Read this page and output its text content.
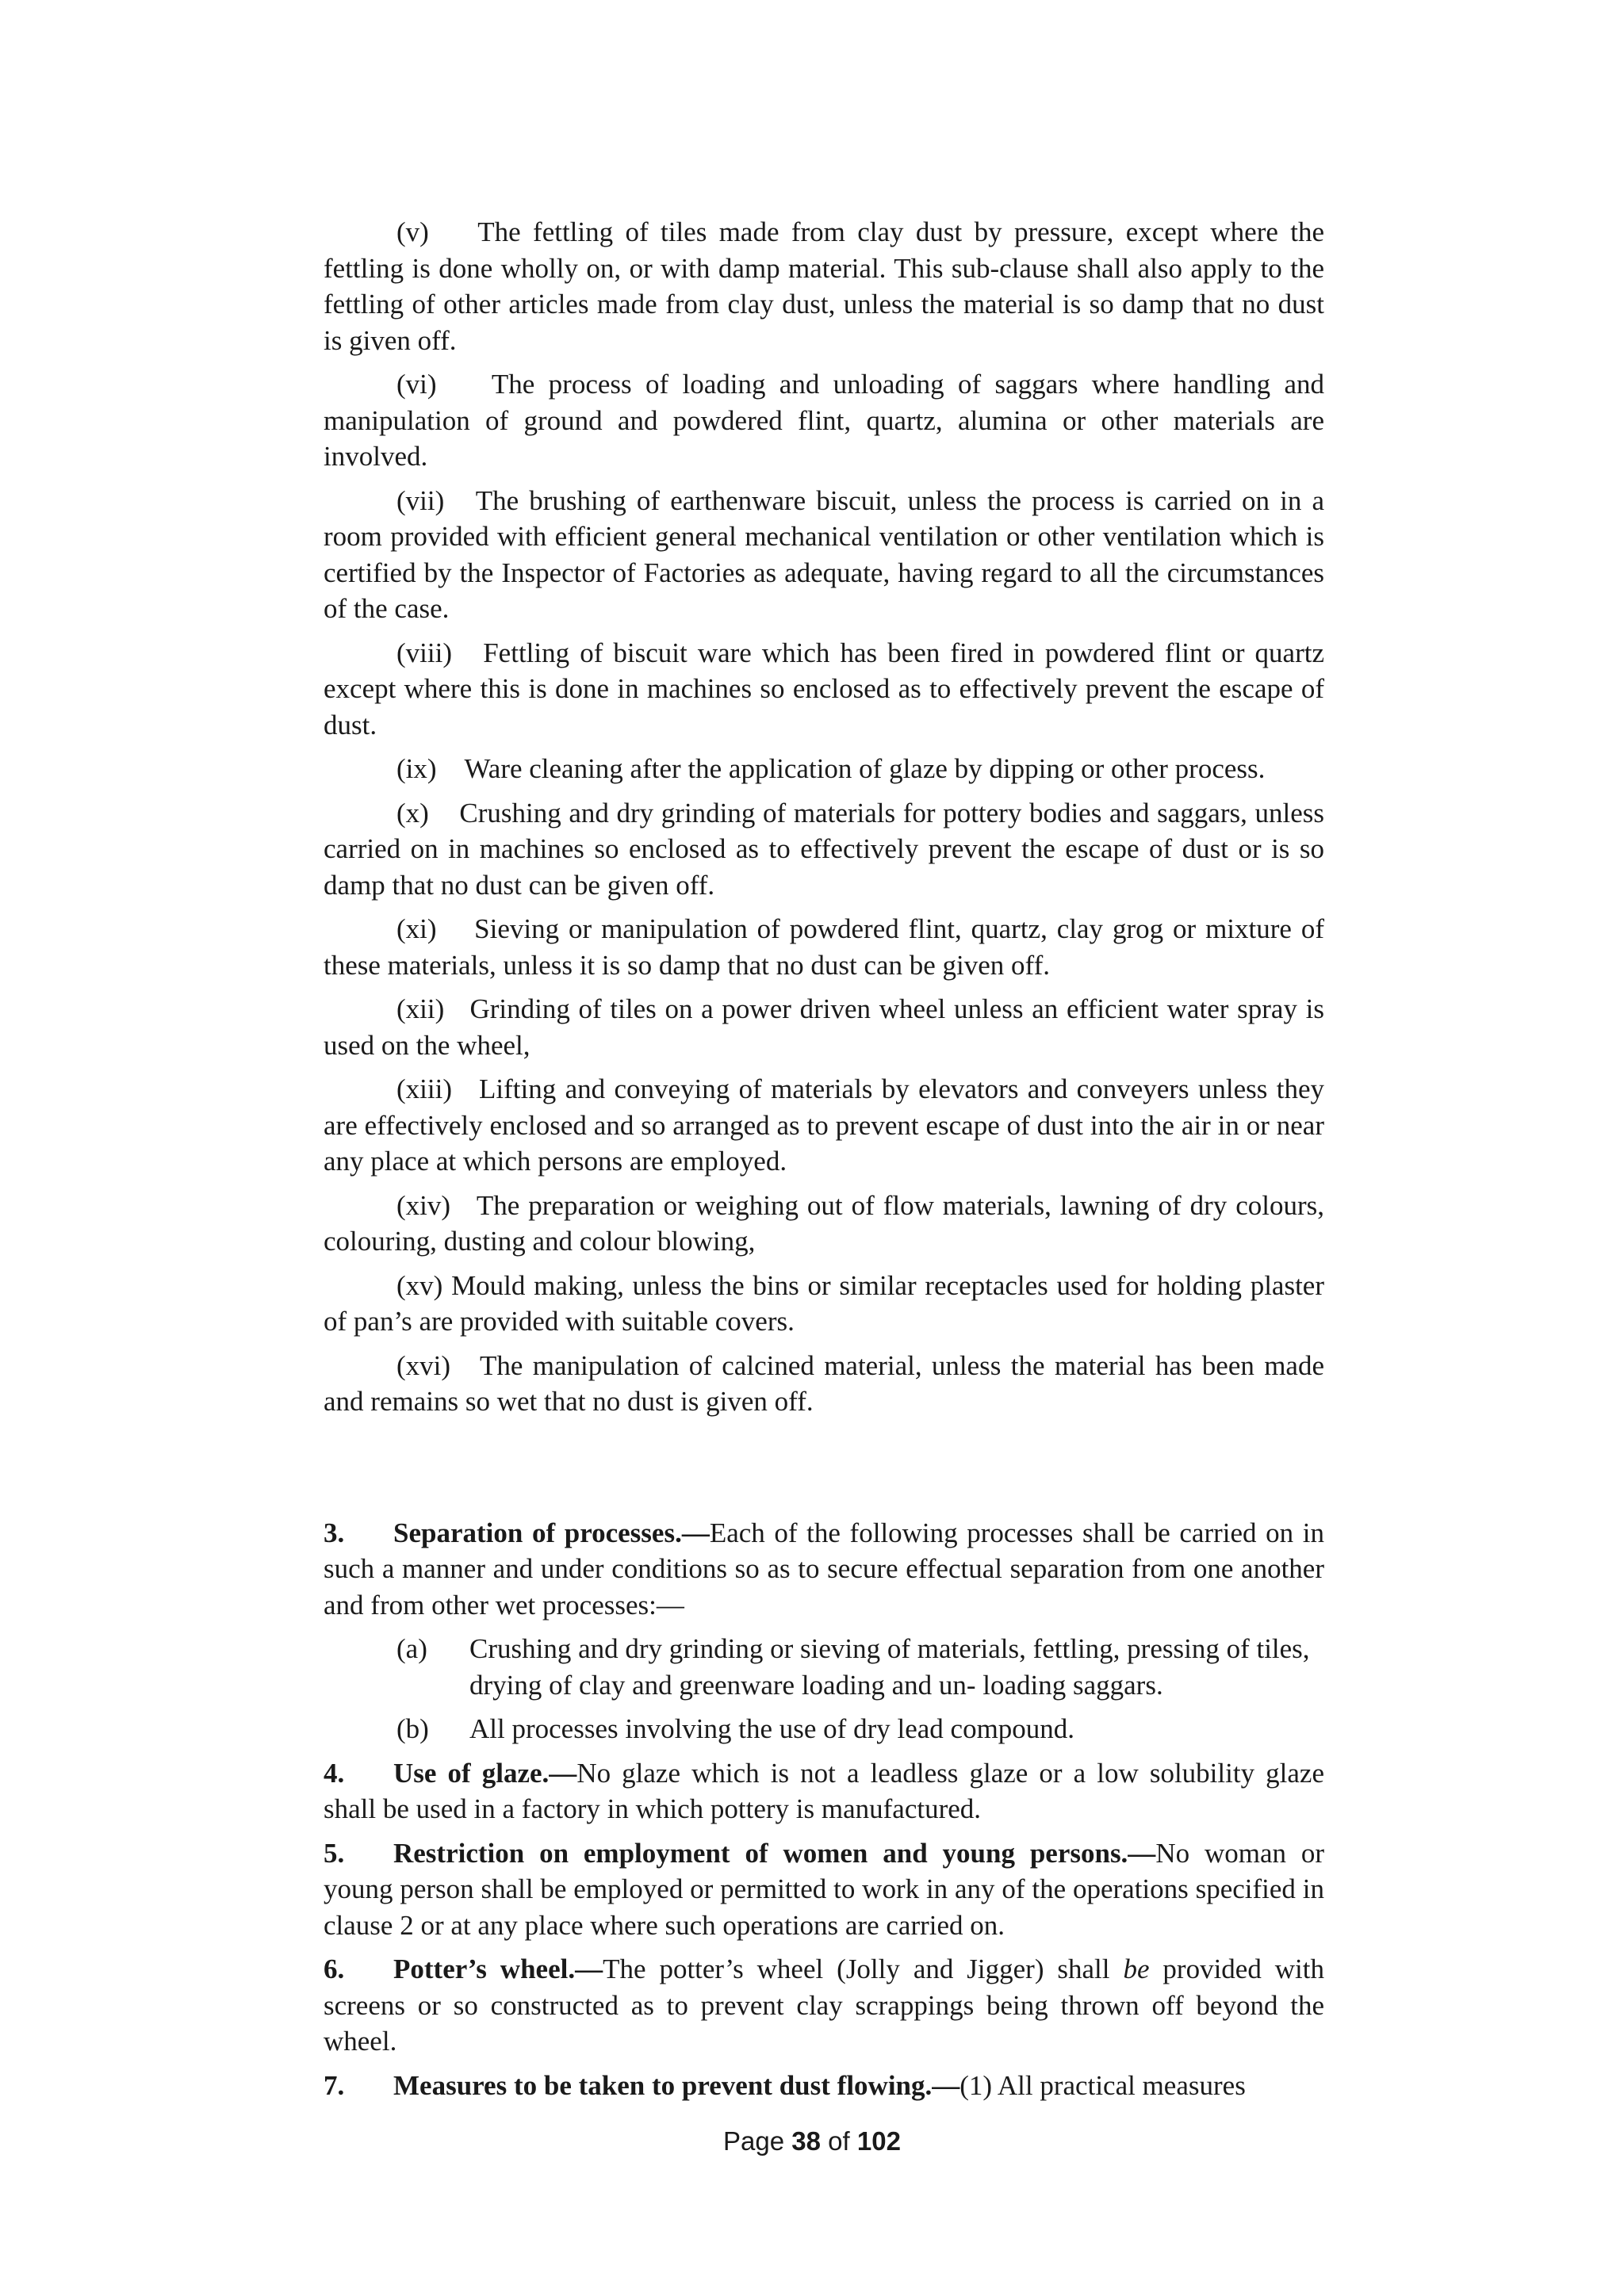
(v) The fettling of tiles made from clay dust by pressure, except where the fettling is done wholly on, or with damp material. This sub-clause shall also apply to the fettling of other articles made from clay dust, unless the material is so damp that no dust is given off.

(vi) The process of loading and unloading of saggars where handling and manipulation of ground and powdered flint, quartz, alumina or other materials are involved.

(vii) The brushing of earthenware biscuit, unless the process is carried on in a room provided with efficient general mechanical ventilation or other ventilation which is certified by the Inspector of Factories as adequate, having regard to all the circumstances of the case.

(viii) Fettling of biscuit ware which has been fired in powdered flint or quartz except where this is done in machines so enclosed as to effectively prevent the escape of dust.

(ix) Ware cleaning after the application of glaze by dipping or other process.

(x) Crushing and dry grinding of materials for pottery bodies and saggars, unless carried on in machines so enclosed as to effectively prevent the escape of dust or is so damp that no dust can be given off.

(xi) Sieving or manipulation of powdered flint, quartz, clay grog or mixture of these materials, unless it is so damp that no dust can be given off.

(xii) Grinding of tiles on a power driven wheel unless an efficient water spray is used on the wheel,

(xiii) Lifting and conveying of materials by elevators and conveyers unless they are effectively enclosed and so arranged as to prevent escape of dust into the air in or near any place at which persons are employed.

(xiv) The preparation or weighing out of flow materials, lawning of dry colours, colouring, dusting and colour blowing,

(xv) Mould making, unless the bins or similar receptacles used for holding plaster of pan’s are provided with suitable covers.

(xvi) The manipulation of calcined material, unless the material has been made and remains so wet that no dust is given off.

3. Separation of processes.—Each of the following processes shall be carried on in such a manner and under conditions so as to secure effectual separation from one another and from other wet processes:—

(a)	Crushing and dry grinding or sieving of materials, fettling, pressing of tiles, drying of clay and greenware loading and un- loading saggars.
(b)	All processes involving the use of dry lead compound.

4. Use of glaze.—No glaze which is not a leadless glaze or a low solubility glaze shall be used in a factory in which pottery is manufactured.

5. Restriction on employment of women and young persons.—No woman or young person shall be employed or permitted to work in any of the operations specified in clause 2 or at any place where such operations are carried on.

6. Potter’s wheel.—The potter’s wheel (Jolly and Jigger) shall be provided with screens or so constructed as to prevent clay scrappings being thrown off beyond the wheel.

7. Measures to be taken to prevent dust flowing.—(1) All practical measures

Page 38 of 102
